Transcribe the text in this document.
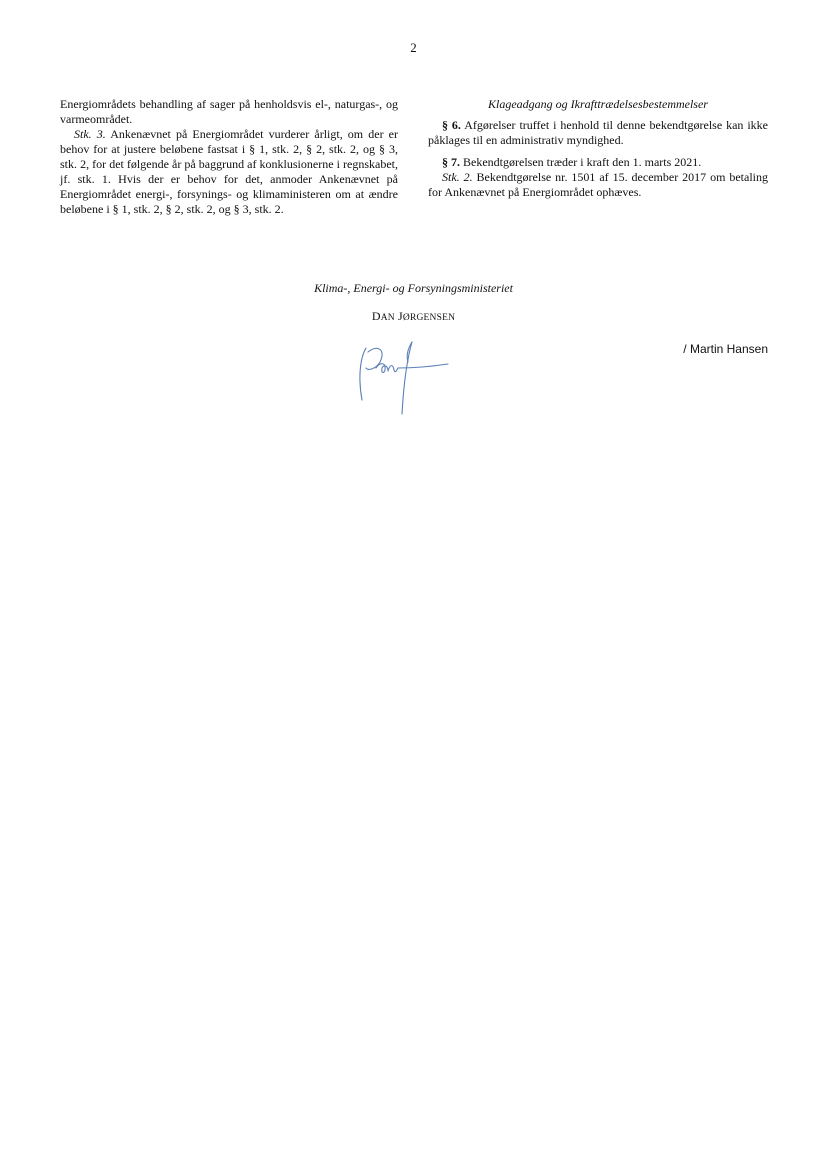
2

Energiområdets behandling af sager på henholdsvis el-, naturgas-, og varmeområdet.

Stk. 3. Ankenævnet på Energiområdet vurderer årligt, om der er behov for at justere beløbene fastsat i § 1, stk. 2, § 2, stk. 2, og § 3, stk. 2, for det følgende år på baggrund af konklusionerne i regnskabet, jf. stk. 1. Hvis der er behov for det, anmoder Ankenævnet på Energiområdet energi-, forsynings- og klimaministeren om at ændre beløbene i § 1, stk. 2, § 2, stk. 2, og § 3, stk. 2.

Klageadgang og Ikrafttrædelsesbestemmelser

§ 6. Afgørelser truffet i henhold til denne bekendtgørelse kan ikke påklages til en administrativ myndighed.

§ 7. Bekendtgørelsen træder i kraft den 1. marts 2021.

Stk. 2. Bekendtgørelse nr. 1501 af 15. december 2017 om betaling for Ankenævnet på Energiområdet ophæves.

Klima-, Energi- og Forsyningsministeriet
DAN JØRGENSEN
/ Martin Hansen
